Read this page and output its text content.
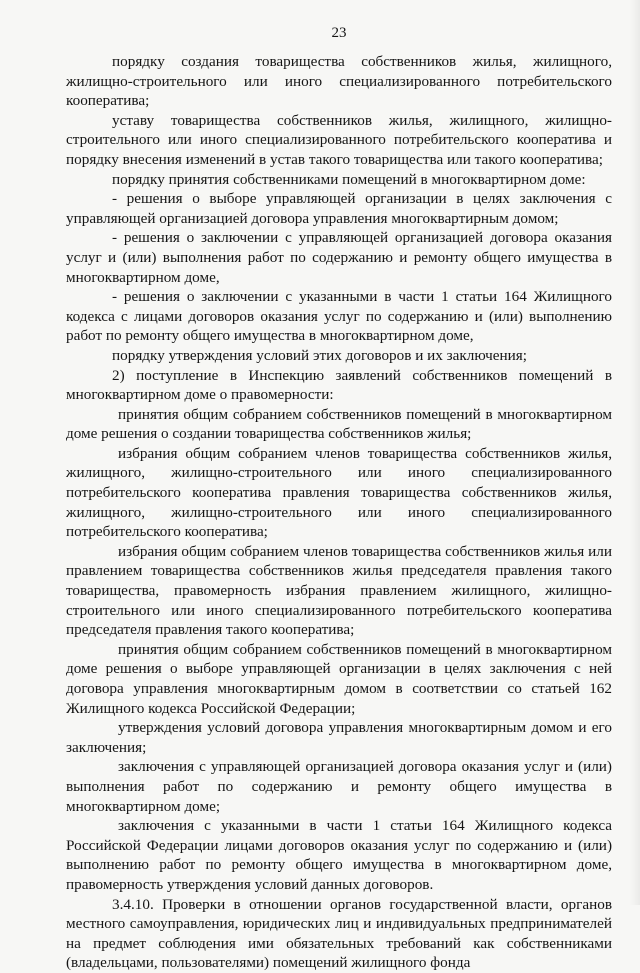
23

порядку создания товарищества собственников жилья, жилищного, жилищно-строительного или иного специализированного потребительского кооператива;

уставу товарищества собственников жилья, жилищного, жилищно-строительного или иного специализированного потребительского кооператива и порядку внесения изменений в устав такого товарищества или такого кооператива;

порядку принятия собственниками помещений в многоквартирном доме:

- решения о выборе управляющей организации в целях заключения с управляющей организацией договора управления многоквартирным домом;

- решения о заключении с управляющей организацией договора оказания услуг и (или) выполнения работ по содержанию и ремонту общего имущества в многоквартирном доме,

- решения о заключении с указанными в части 1 статьи 164 Жилищного кодекса с лицами договоров оказания услуг по содержанию и (или) выполнению работ по ремонту общего имущества в многоквартирном доме,

порядку утверждения условий этих договоров и их заключения;

2) поступление в Инспекцию заявлений собственников помещений в многоквартирном доме о правомерности:

принятия общим собранием собственников помещений в многоквартирном доме решения о создании товарищества собственников жилья;

избрания общим собранием членов товарищества собственников жилья, жилищного, жилищно-строительного или иного специализированного потребительского кооператива правления товарищества собственников жилья, жилищного, жилищно-строительного или иного специализированного потребительского кооператива;

избрания общим собранием членов товарищества собственников жилья или правлением товарищества собственников жилья председателя правления такого товарищества, правомерность избрания правлением жилищного, жилищно-строительного или иного специализированного потребительского кооператива председателя правления такого кооператива;

принятия общим собранием собственников помещений в многоквартирном доме решения о выборе управляющей организации в целях заключения с ней договора управления многоквартирным домом в соответствии со статьей 162 Жилищного кодекса Российской Федерации;

утверждения условий договора управления многоквартирным домом и его заключения;

заключения с управляющей организацией договора оказания услуг и (или) выполнения работ по содержанию и ремонту общего имущества в многоквартирном доме;

заключения с указанными в части 1 статьи 164 Жилищного кодекса Российской Федерации лицами договоров оказания услуг по содержанию и (или) выполнению работ по ремонту общего имущества в многоквартирном доме, правомерность утверждения условий данных договоров.

3.4.10. Проверки в отношении органов государственной власти, органов местного самоуправления, юридических лиц и индивидуальных предпринимателей на предмет соблюдения ими обязательных требований как собственниками (владельцами, пользователями) помещений жилищного фонда
